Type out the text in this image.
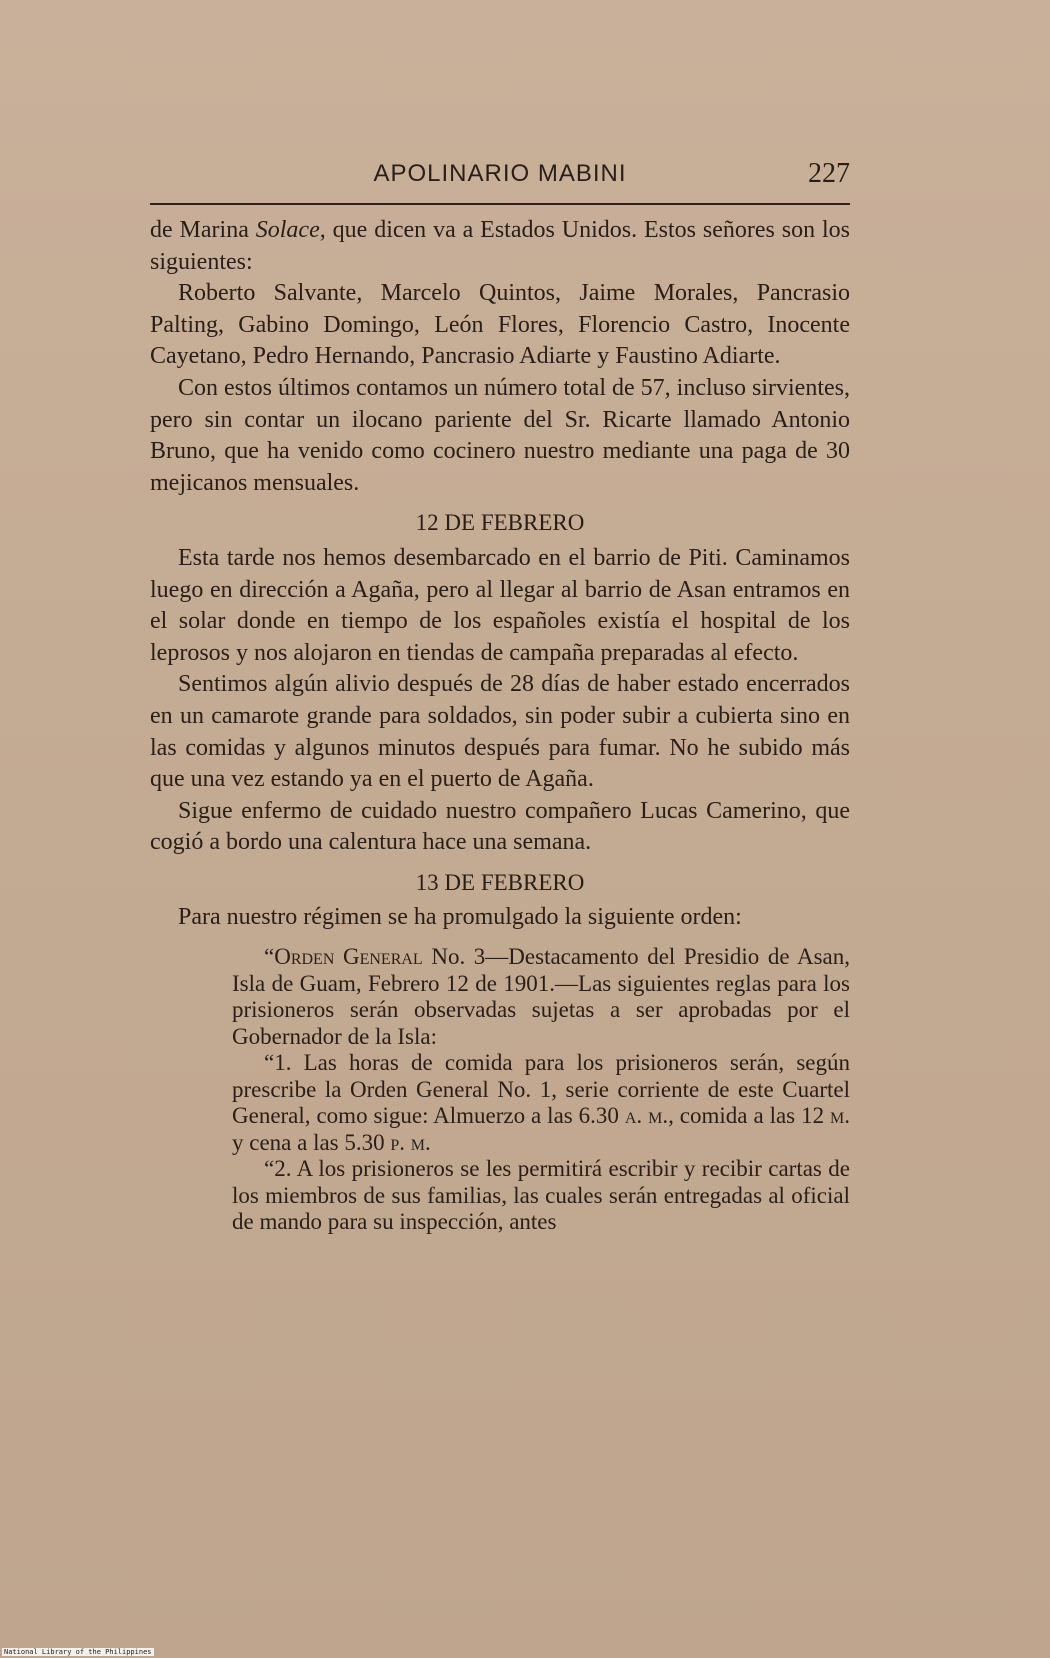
APOLINARIO MABINI	227

de Marina Solace, que dicen va a Estados Unidos. Estos señores son los siguientes:

Roberto Salvante, Marcelo Quintos, Jaime Morales, Pancrasio Palting, Gabino Domingo, León Flores, Florencio Castro, Inocente Cayetano, Pedro Hernando, Pancrasio Adiarte y Faustino Adiarte.

Con estos últimos contamos un número total de 57, incluso sirvientes, pero sin contar un ilocano pariente del Sr. Ricarte llamado Antonio Bruno, que ha venido como cocinero nuestro mediante una paga de 30 mejicanos mensuales.

12 DE FEBRERO

Esta tarde nos hemos desembarcado en el barrio de Piti. Caminamos luego en dirección a Agaña, pero al llegar al barrio de Asan entramos en el solar donde en tiempo de los españoles existía el hospital de los leprosos y nos alojaron en tiendas de campaña preparadas al efecto.

Sentimos algún alivio después de 28 días de haber estado encerrados en un camarote grande para soldados, sin poder subir a cubierta sino en las comidas y algunos minutos después para fumar. No he subido más que una vez estando ya en el puerto de Agaña.

Sigue enfermo de cuidado nuestro compañero Lucas Camerino, que cogió a bordo una calentura hace una semana.

13 DE FEBRERO

Para nuestro régimen se ha promulgado la siguiente orden:

“Orden General No. 3—Destacamento del Presidio de Asan, Isla de Guam, Febrero 12 de 1901.—Las siguientes reglas para los prisioneros serán observadas sujetas a ser aprobadas por el Gobernador de la Isla:

“1. Las horas de comida para los prisioneros serán, según prescribe la Orden General No. 1, serie corriente de este Cuartel General, como sigue: Almuerzo a las 6.30 a. m., comida a las 12 m. y cena a las 5.30 p. m.

“2. A los prisioneros se les permitirá escribir y recibir cartas de los miembros de sus familias, las cuales serán entregadas al oficial de mando para su inspección, antes

National Library of the Philippines
